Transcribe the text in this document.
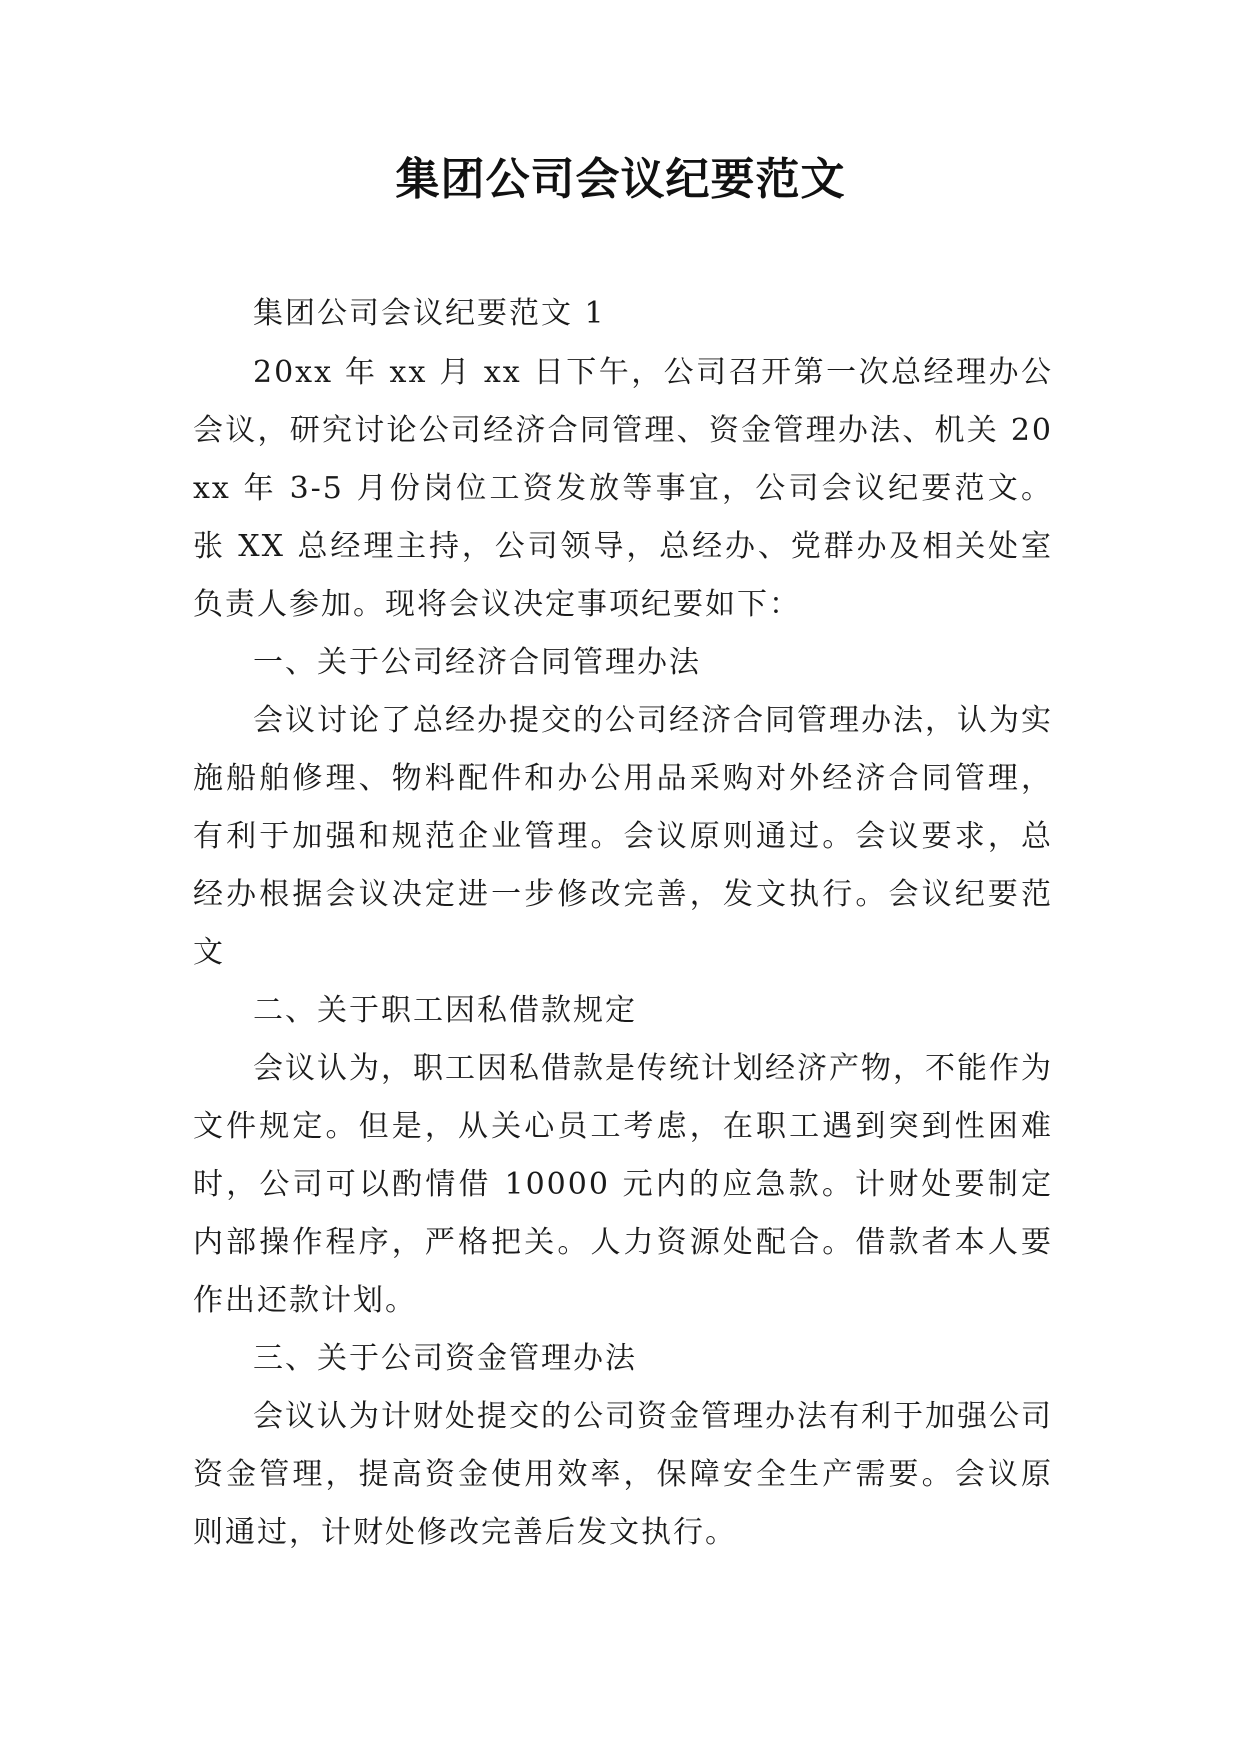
集团公司会议纪要范文

集团公司会议纪要范文 1

20xx 年 xx 月 xx 日下午，公司召开第一次总经理办公会议，研究讨论公司经济合同管理、资金管理办法、机关 20xx 年 3-5 月份岗位工资发放等事宜，公司会议纪要范文。张 XX 总经理主持，公司领导，总经办、党群办及相关处室负责人参加。现将会议决定事项纪要如下：

一、关于公司经济合同管理办法

会议讨论了总经办提交的公司经济合同管理办法，认为实施船舶修理、物料配件和办公用品采购对外经济合同管理，有利于加强和规范企业管理。会议原则通过。会议要求，总经办根据会议决定进一步修改完善，发文执行。会议纪要范文

二、关于职工因私借款规定

会议认为，职工因私借款是传统计划经济产物，不能作为文件规定。但是，从关心员工考虑，在职工遇到突到性困难时，公司可以酌情借 10000 元内的应急款。计财处要制定内部操作程序，严格把关。人力资源处配合。借款者本人要作出还款计划。

三、关于公司资金管理办法

会议认为计财处提交的公司资金管理办法有利于加强公司资金管理，提高资金使用效率，保障安全生产需要。会议原则通过，计财处修改完善后发文执行。
